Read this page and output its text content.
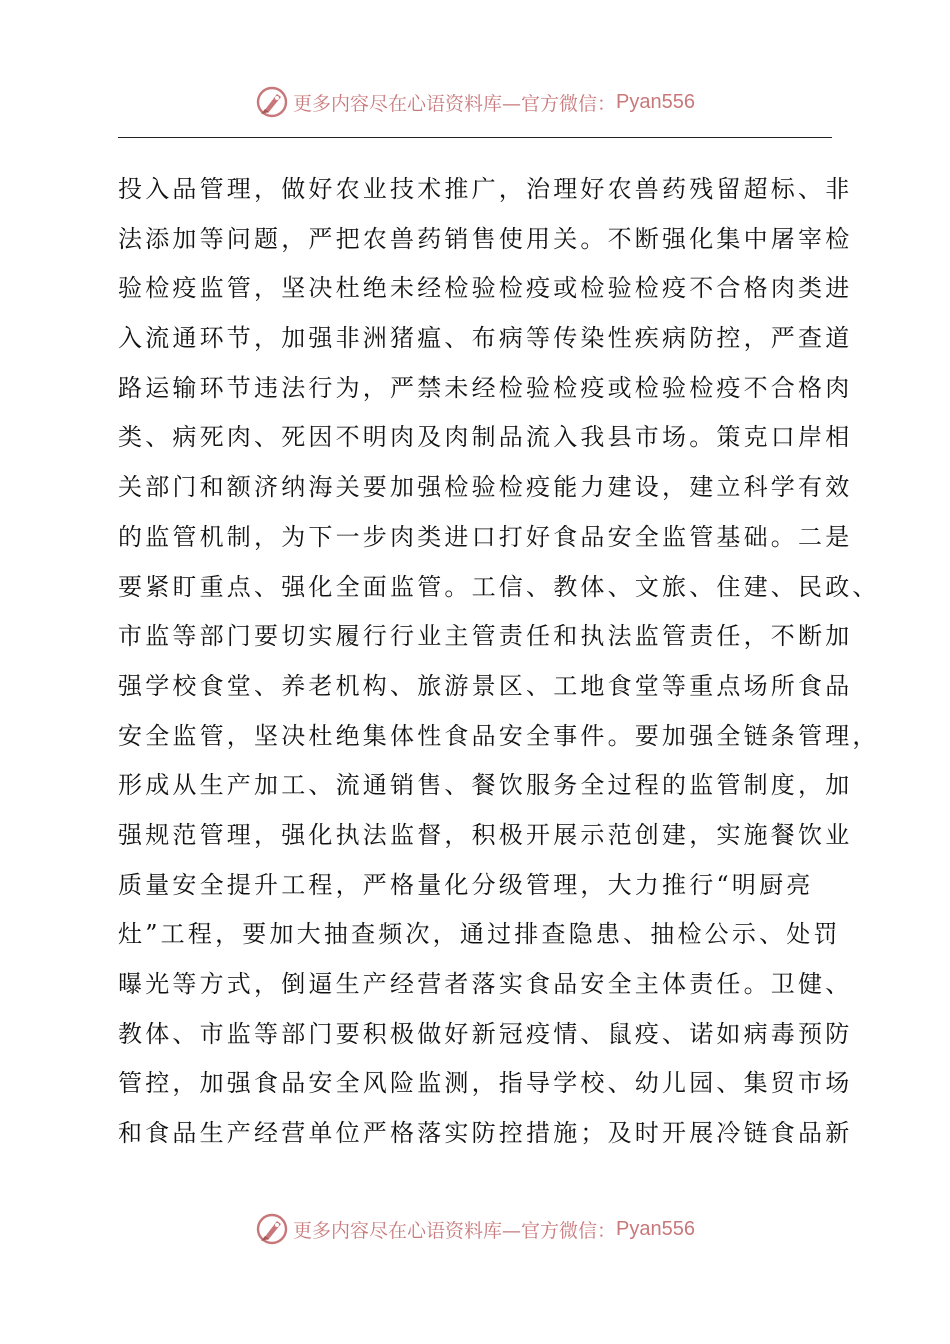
更多内容尽在心语资料库—官方微信： Pyan556
投入品管理，做好农业技术推广，治理好农兽药残留超标、非
法添加等问题，严把农兽药销售使用关。不断强化集中屠宰检
验检疫监管，坚决杜绝未经检验检疫或检验检疫不合格肉类进
入流通环节，加强非洲猪瘟、布病等传染性疾病防控，严查道
路运输环节违法行为，严禁未经检验检疫或检验检疫不合格肉
类、病死肉、死因不明肉及肉制品流入我县市场。策克口岸相
关部门和额济纳海关要加强检验检疫能力建设，建立科学有效
的监管机制，为下一步肉类进口打好食品安全监管基础。二是
要紧盯重点、强化全面监管。工信、教体、文旅、住建、民政、
市监等部门要切实履行行业主管责任和执法监管责任，不断加
强学校食堂、养老机构、旅游景区、工地食堂等重点场所食品
安全监管，坚决杜绝集体性食品安全事件。要加强全链条管理，
形成从生产加工、流通销售、餐饮服务全过程的监管制度，加
强规范管理，强化执法监督，积极开展示范创建，实施餐饮业
质量安全提升工程，严格量化分级管理，大力推行“明厨亮
灶”工程，要加大抽查频次，通过排查隐患、抽检公示、处罚
曝光等方式，倒逼生产经营者落实食品安全主体责任。卫健、
教体、市监等部门要积极做好新冠疫情、鼠疫、诺如病毒预防
管控，加强食品安全风险监测，指导学校、幼儿园、集贸市场
和食品生产经营单位严格落实防控措施；及时开展冷链食品新
更多内容尽在心语资料库—官方微信： Pyan556
